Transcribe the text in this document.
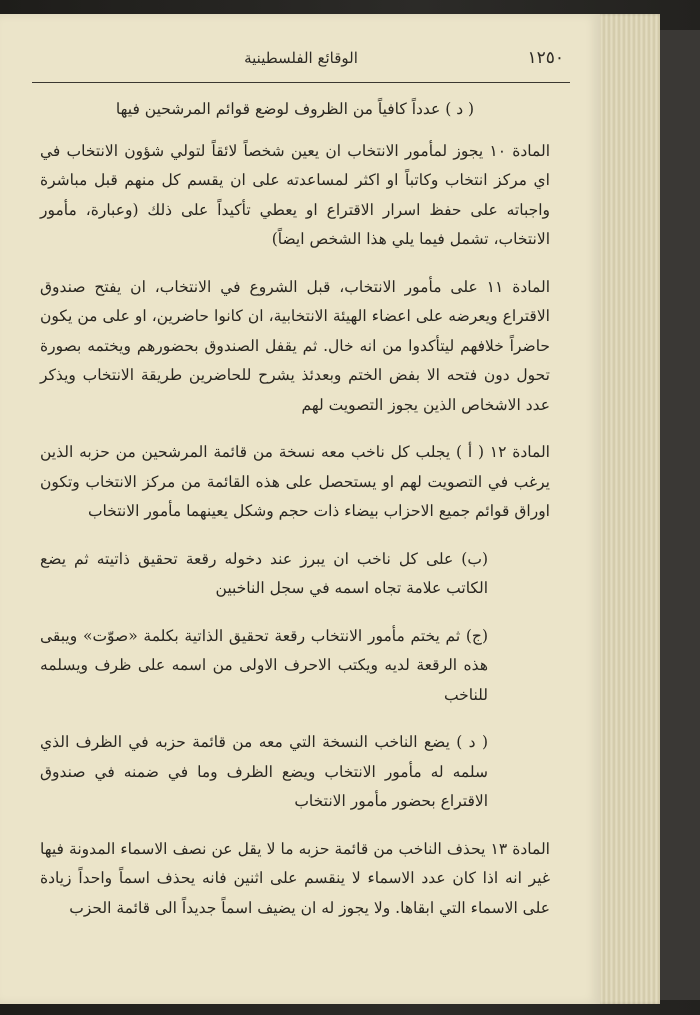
١٢٥٠
الوقائع الفلسطينية

( د ) عدداً كافياً من الظروف لوضع قوائم المرشحين فيها

المادة ١٠ يجوز لمأمور الانتخاب ان يعين شخصاً لائقاً لتولي شؤون الانتخاب في اي مركز انتخاب وكاتباً او اكثر لمساعدته على ان يقسم كل منهم قبل مباشرة واجباته على حفظ اسرار الاقتراع او يعطي تأكيداً على ذلك (وعبارة، مأمور الانتخاب، تشمل فيما يلي هذا الشخص ايضاً)

المادة ١١ على مأمور الانتخاب، قبل الشروع في الانتخاب، ان يفتح صندوق الاقتراع ويعرضه على اعضاء الهيئة الانتخابية، ان كانوا حاضرين، او على من يكون حاضراً خلافهم ليتأكدوا من انه خال. ثم يقفل الصندوق بحضورهم ويختمه بصورة تحول دون فتحه الا بفض الختم وبعدئذ يشرح للحاضرين طريقة الانتخاب ويذكر عدد الاشخاص الذين يجوز التصويت لهم

المادة ١٢ ( أ )

يجلب كل ناخب معه نسخة من قائمة المرشحين من حزبه الذين يرغب في التصويت لهم او يستحصل على هذه القائمة من مركز الانتخاب وتكون اوراق قوائم جميع الاحزاب بيضاء ذات حجم وشكل يعينهما مأمور الانتخاب

(ب) على كل ناخب ان يبرز عند دخوله رقعة تحقيق ذاتيته ثم يضع الكاتب علامة تجاه اسمه في سجل الناخبين

(ج) ثم يختم مأمور الانتخاب رقعة تحقيق الذاتية بكلمة «صوّت» ويبقى هذه الرقعة لديه ويكتب الاحرف الاولى من اسمه على ظرف ويسلمه للناخب

( د ) يضع الناخب النسخة التي معه من قائمة حزبه في الظرف الذي سلمه له مأمور الانتخاب ويضع الظرف وما في ضمنه في صندوق الاقتراع بحضور مأمور الانتخاب

المادة ١٣ يحذف الناخب من قائمة حزبه ما لا يقل عن نصف الاسماء المدونة فيها غير انه اذا كان عدد الاسماء لا ينقسم على اثنين فانه يحذف اسماً واحداً زيادة على الاسماء التي ابقاها. ولا يجوز له ان يضيف اسماً جديداً الى قائمة الحزب
